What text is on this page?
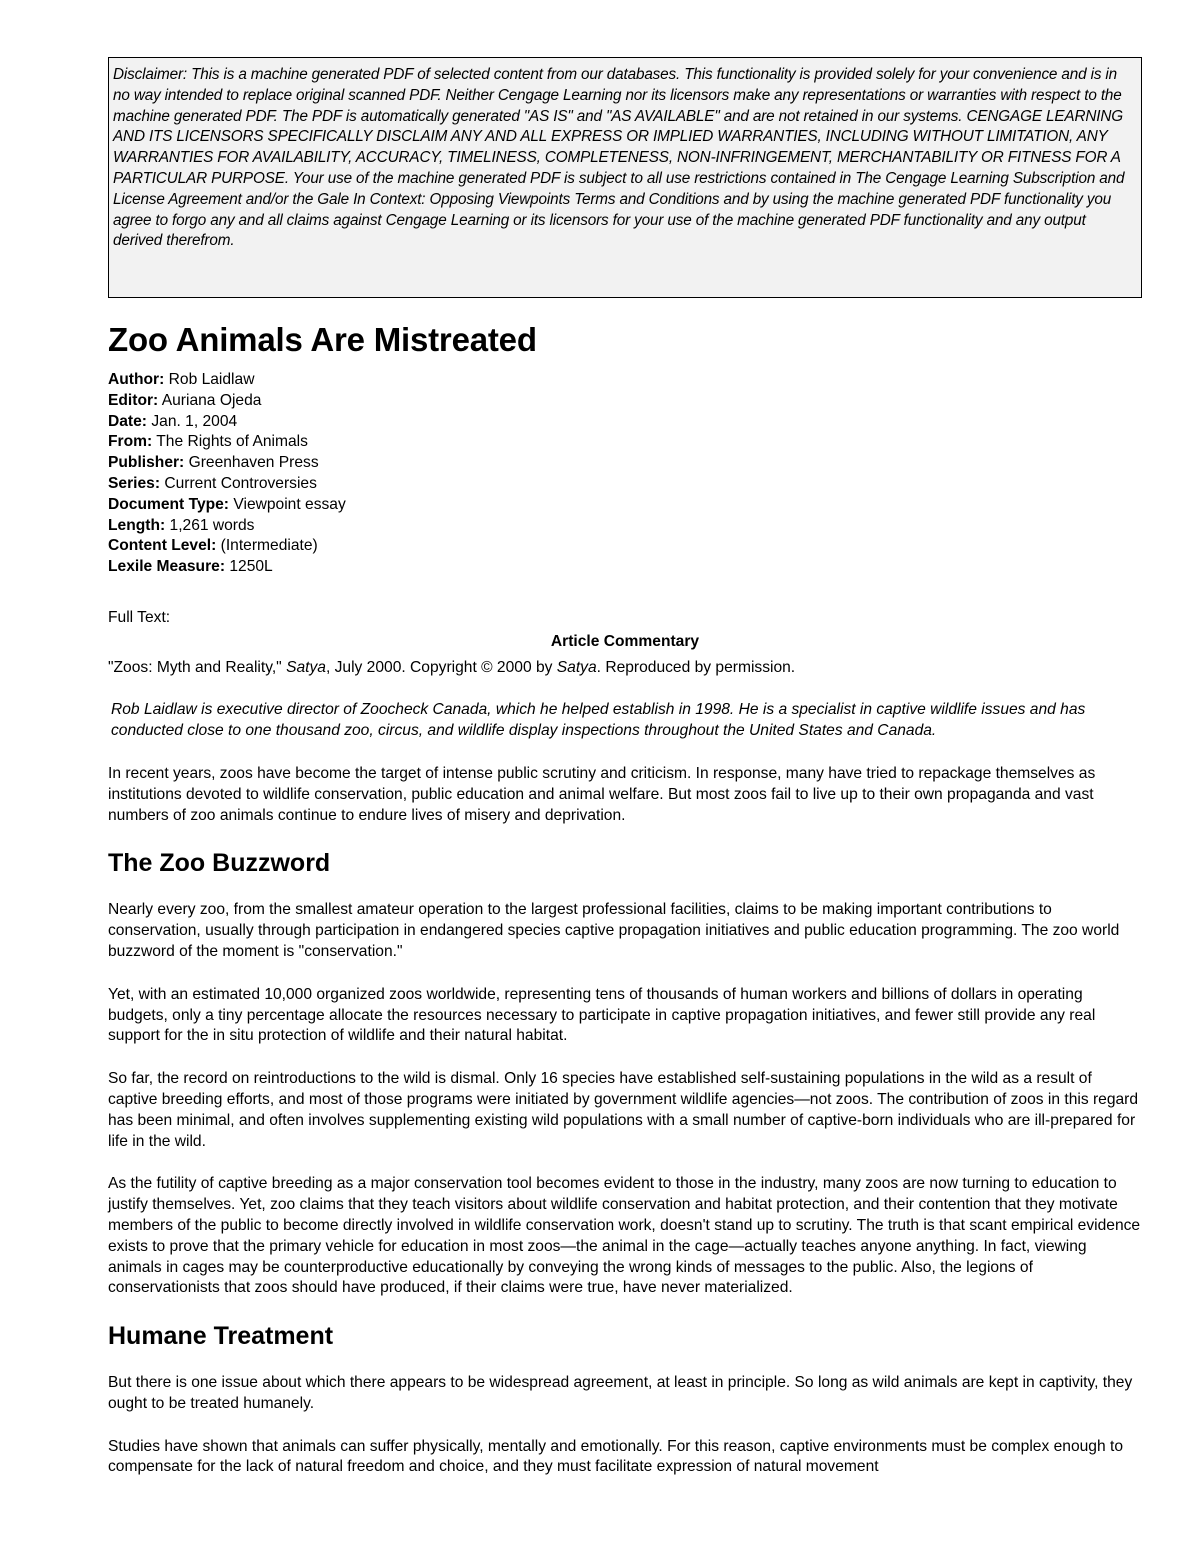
Disclaimer: This is a machine generated PDF of selected content from our databases. This functionality is provided solely for your convenience and is in no way intended to replace original scanned PDF. Neither Cengage Learning nor its licensors make any representations or warranties with respect to the machine generated PDF. The PDF is automatically generated "AS IS" and "AS AVAILABLE" and are not retained in our systems. CENGAGE LEARNING AND ITS LICENSORS SPECIFICALLY DISCLAIM ANY AND ALL EXPRESS OR IMPLIED WARRANTIES, INCLUDING WITHOUT LIMITATION, ANY WARRANTIES FOR AVAILABILITY, ACCURACY, TIMELINESS, COMPLETENESS, NON-INFRINGEMENT, MERCHANTABILITY OR FITNESS FOR A PARTICULAR PURPOSE. Your use of the machine generated PDF is subject to all use restrictions contained in The Cengage Learning Subscription and License Agreement and/or the Gale In Context: Opposing Viewpoints Terms and Conditions and by using the machine generated PDF functionality you agree to forgo any and all claims against Cengage Learning or its licensors for your use of the machine generated PDF functionality and any output derived therefrom.
Zoo Animals Are Mistreated
Author: Rob Laidlaw
Editor: Auriana Ojeda
Date: Jan. 1, 2004
From: The Rights of Animals
Publisher: Greenhaven Press
Series: Current Controversies
Document Type: Viewpoint essay
Length: 1,261 words
Content Level: (Intermediate)
Lexile Measure: 1250L
Full Text:
Article Commentary
"Zoos: Myth and Reality," Satya, July 2000. Copyright © 2000 by Satya. Reproduced by permission.
Rob Laidlaw is executive director of Zoocheck Canada, which he helped establish in 1998. He is a specialist in captive wildlife issues and has conducted close to one thousand zoo, circus, and wildlife display inspections throughout the United States and Canada.

In recent years, zoos have become the target of intense public scrutiny and criticism. In response, many have tried to repackage themselves as institutions devoted to wildlife conservation, public education and animal welfare. But most zoos fail to live up to their own propaganda and vast numbers of zoo animals continue to endure lives of misery and deprivation.

The Zoo Buzzword

Nearly every zoo, from the smallest amateur operation to the largest professional facilities, claims to be making important contributions to conservation, usually through participation in endangered species captive propagation initiatives and public education programming. The zoo world buzzword of the moment is "conservation."

Yet, with an estimated 10,000 organized zoos worldwide, representing tens of thousands of human workers and billions of dollars in operating budgets, only a tiny percentage allocate the resources necessary to participate in captive propagation initiatives, and fewer still provide any real support for the in situ protection of wildlife and their natural habitat.

So far, the record on reintroductions to the wild is dismal. Only 16 species have established self-sustaining populations in the wild as a result of captive breeding efforts, and most of those programs were initiated by government wildlife agencies—not zoos. The contribution of zoos in this regard has been minimal, and often involves supplementing existing wild populations with a small number of captive-born individuals who are ill-prepared for life in the wild.

As the futility of captive breeding as a major conservation tool becomes evident to those in the industry, many zoos are now turning to education to justify themselves. Yet, zoo claims that they teach visitors about wildlife conservation and habitat protection, and their contention that they motivate members of the public to become directly involved in wildlife conservation work, doesn't stand up to scrutiny. The truth is that scant empirical evidence exists to prove that the primary vehicle for education in most zoos—the animal in the cage—actually teaches anyone anything. In fact, viewing animals in cages may be counterproductive educationally by conveying the wrong kinds of messages to the public. Also, the legions of conservationists that zoos should have produced, if their claims were true, have never materialized.

Humane Treatment

But there is one issue about which there appears to be widespread agreement, at least in principle. So long as wild animals are kept in captivity, they ought to be treated humanely.

Studies have shown that animals can suffer physically, mentally and emotionally. For this reason, captive environments must be complex enough to compensate for the lack of natural freedom and choice, and they must facilitate expression of natural movement
